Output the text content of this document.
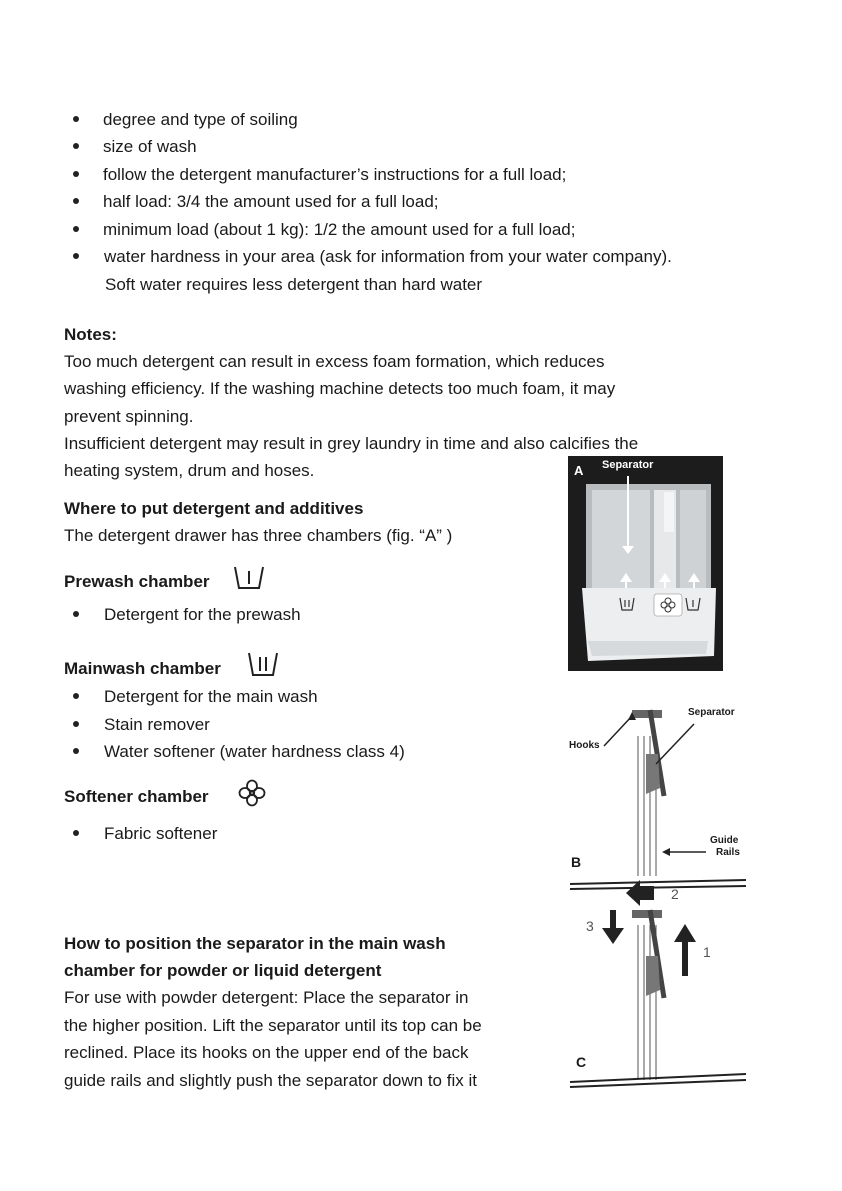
degree and type of soiling
size of wash
follow the detergent manufacturer’s instructions for a full load;
half load: 3/4 the amount used for a full load;
minimum load (about 1 kg): 1/2 the amount used for a full load;
water hardness in your area (ask for information from your water company).
Soft water requires less detergent than hard water
Notes:
Too much detergent can result in excess foam formation, which reduces
washing efficiency. If the washing machine detects too much foam, it may
prevent spinning.
Insufficient detergent may result in grey laundry in time and also calcifies the
heating system, drum and hoses.
Where to put detergent and additives
The detergent drawer has three chambers (fig. “A” )
Prewash chamber
Detergent for the prewash
Mainwash chamber
Detergent for the main wash
Stain remover
Water softener (water hardness class 4)
Softener chamber
Fabric softener
How to position the separator in the main wash
chamber for powder or liquid detergent
For use with powder detergent: Place the separator in
the higher position. Lift the separator until its top can be
reclined. Place its hooks on the upper end of the back
guide rails and slightly push the separator down to fix it
A Separator
B
Hooks
Separator
Guide
Rails
C
1
2
3
